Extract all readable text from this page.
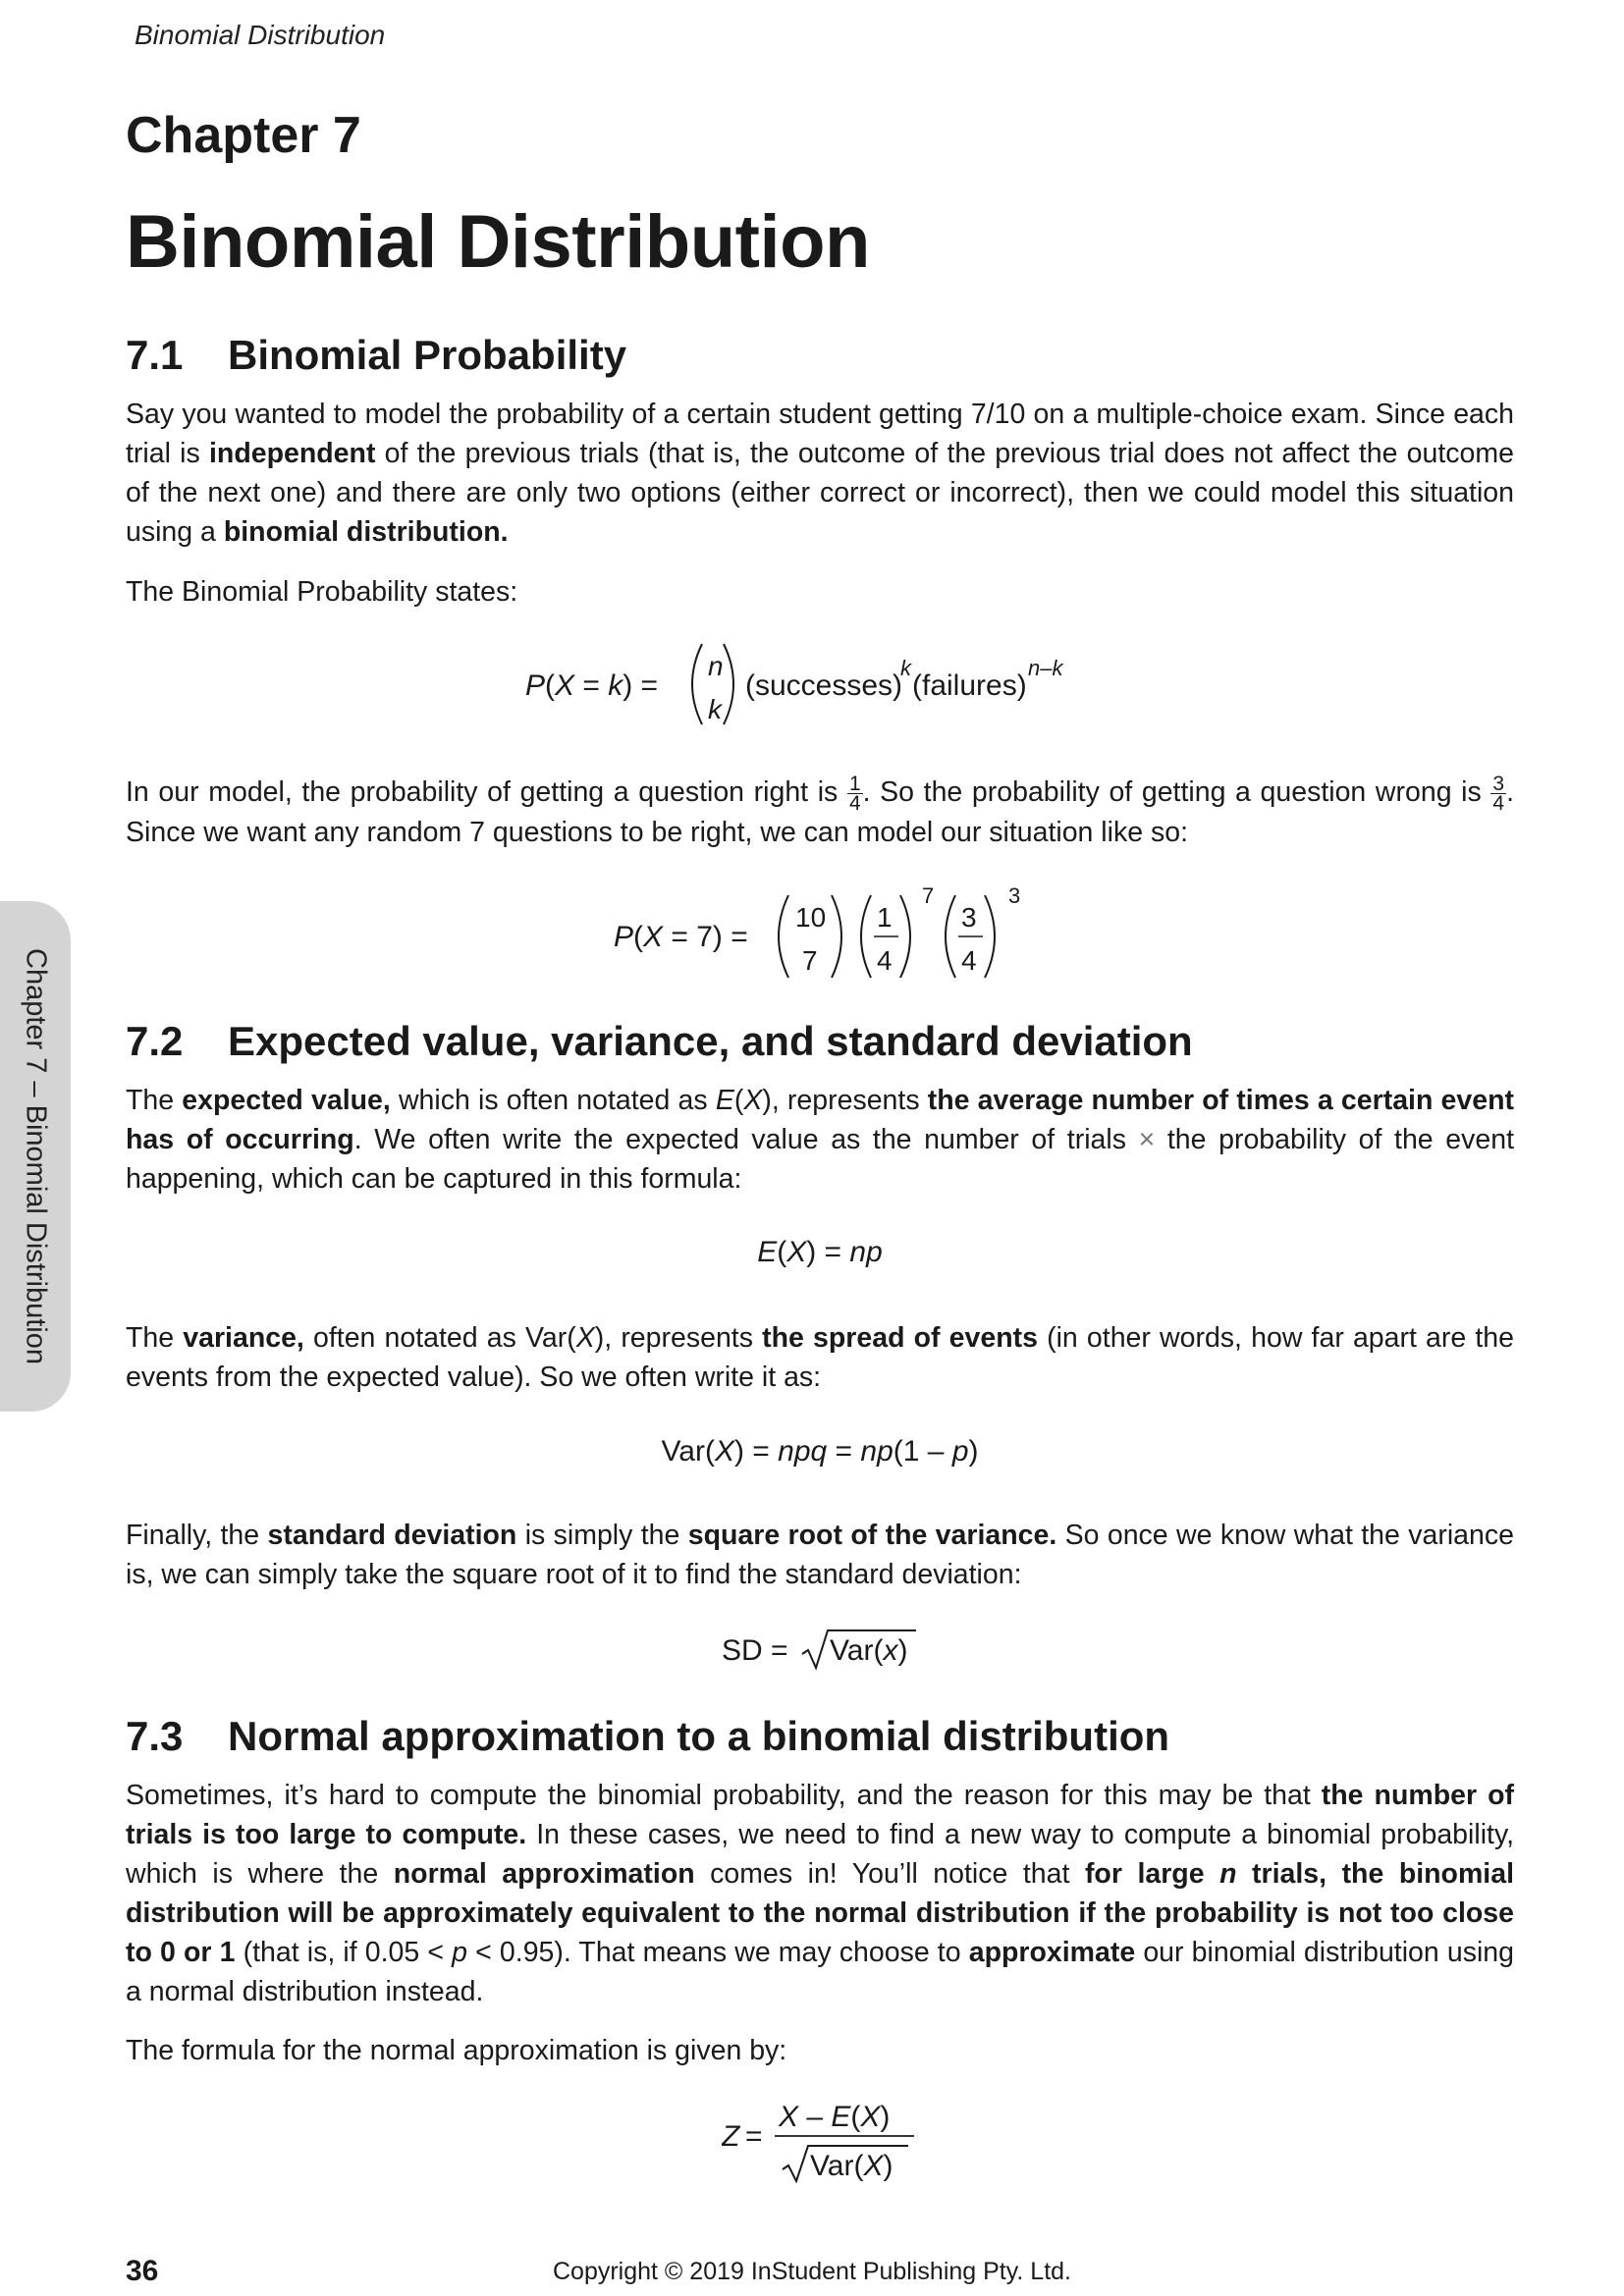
Binomial Distribution
Chapter 7 – Binomial Distribution
Chapter 7
Binomial Distribution
7.1 Binomial Probability

Say you wanted to model the probability of a certain student getting 7/10 on a multiple-choice exam. Since each trial is independent of the previous trials (that is, the outcome of the previous trial does not affect the outcome of the next one) and there are only two options (either correct or incorrect), then we could model this situation using a binomial distribution.

The Binomial Probability states:

P(X = k) =
n
k
(successes)
k
(failures)
n–k

In our model, the probability of getting a question right is $\frac{1}{4}$ . So the probability of getting a question wrong is $\frac{3}{4}$ . Since we want any random 7 questions to be right, we can model our situation like so:

P(X = 7) =
10
7
1
4
7
3
4
3
7.2 Expected value, variance, and standard deviation

The expected value, which is often notated as E(X), represents the average number of times a certain event has of occurring. We often write the expected value as the number of trials × the probability of the event happening, which can be captured in this formula:

E(X) = np

The variance, often notated as Var(X), represents the spread of events (in other words, how far apart are the events from the expected value). So we often write it as:

Var(X) = npq = np(1 – p)

Finally, the standard deviation is simply the square root of the variance. So once we know what the variance is, we can simply take the square root of it to find the standard deviation:

SD = Var(x)
7.3 Normal approximation to a binomial distribution

Sometimes, it’s hard to compute the binomial probability, and the reason for this may be that the number of trials is too large to compute. In these cases, we need to find a new way to compute a binomial probability, which is where the normal approximation comes in! You’ll notice that for large n trials, the binomial distribution will be approximately equivalent to the normal distribution if the probability is not too close to 0 or 1 (that is, if 0.05 < p < 0.95). That means we may choose to approximate our binomial distribution using a normal distribution instead.

The formula for the normal approximation is given by:

Z =
X – E(X)
Var(X)
36	Copyright © 2019 InStudent Publishing Pty. Ltd.
